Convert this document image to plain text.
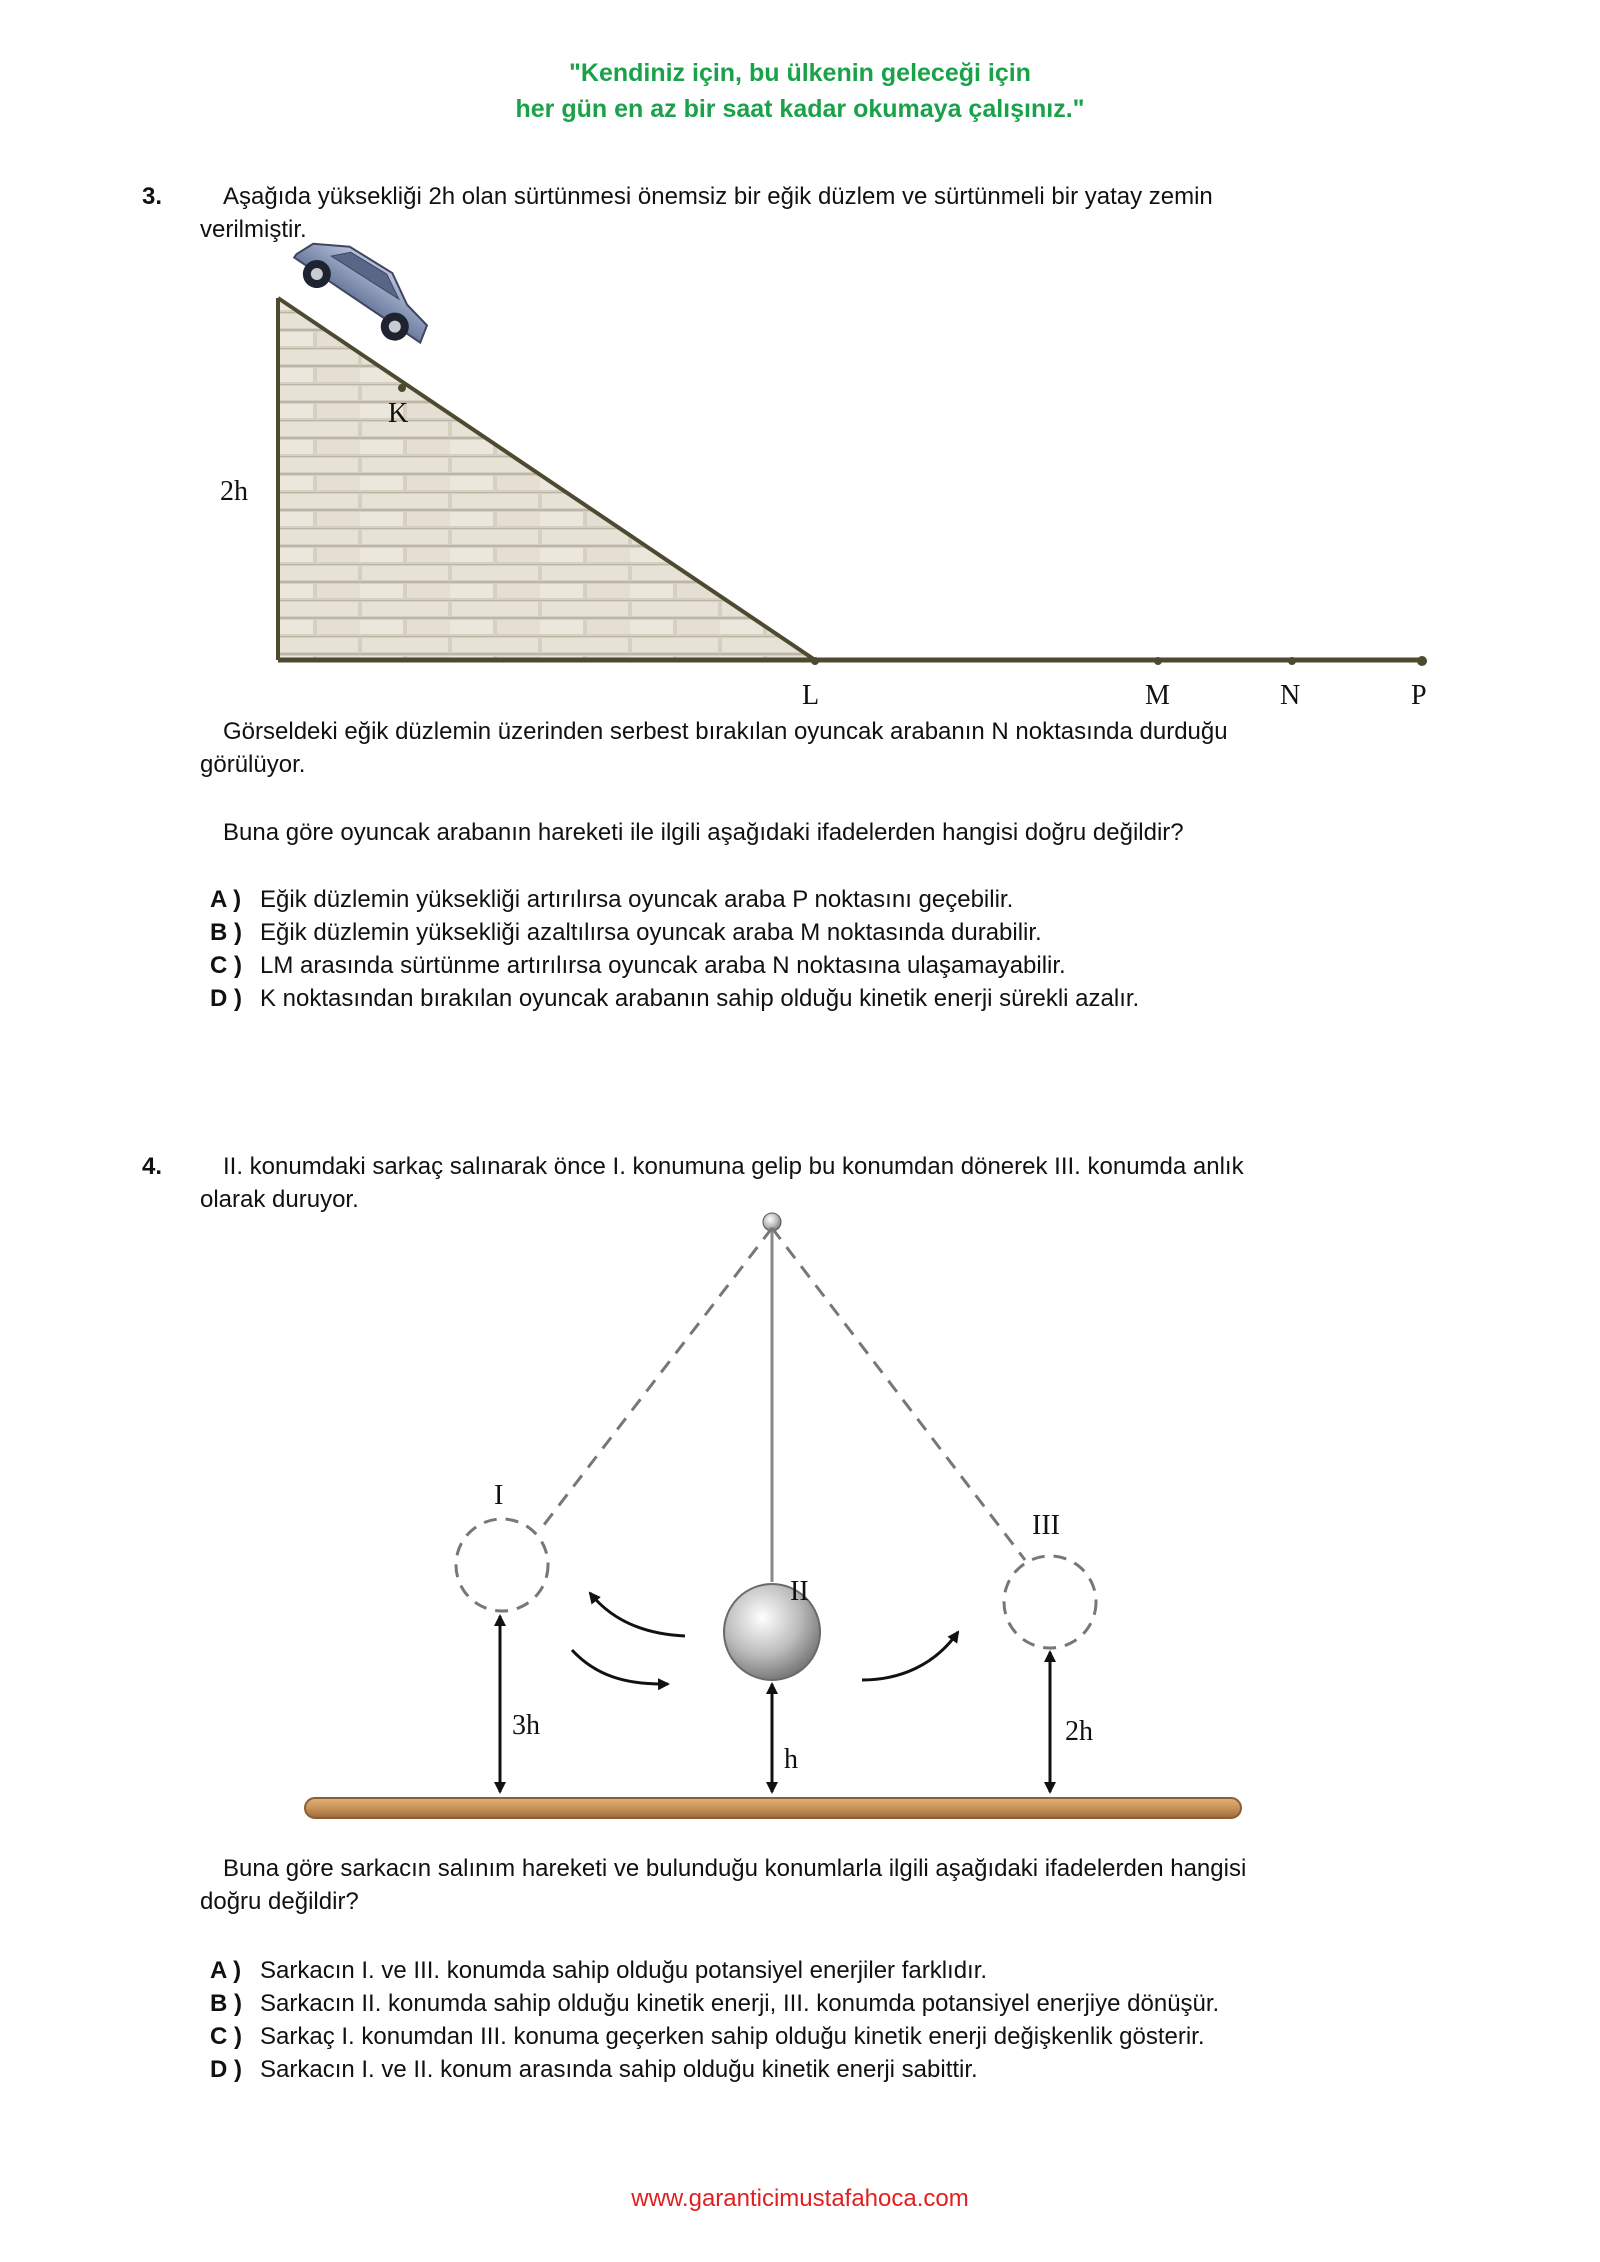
"Kendiniz için, bu ülkenin geleceği için
her gün en az bir saat kadar okumaya çalışınız."
3.	Aşağıda yüksekliği 2h olan sürtünmesi önemsiz bir eğik düzlem ve sürtünmeli bir yatay zemin
verilmiştir.
K
2h
L	M	N	P
Görseldeki eğik düzlemin üzerinden serbest bırakılan oyuncak arabanın N noktasında durduğu
görülüyor.
Buna göre oyuncak arabanın hareketi ile ilgili aşağıdaki ifadelerden hangisi doğru değildir?
A ) Eğik düzlemin yüksekliği artırılırsa oyuncak araba P noktasını geçebilir.
B ) Eğik düzlemin yüksekliği azaltılırsa oyuncak araba M noktasında durabilir.
C ) LM arasında sürtünme artırılırsa oyuncak araba N noktasına ulaşamayabilir.
D ) K noktasından bırakılan oyuncak arabanın sahip olduğu kinetik enerji sürekli azalır.
4.	II. konumdaki sarkaç salınarak önce I. konumuna gelip bu konumdan dönerek III. konumda anlık
olarak duruyor.
I
II
III
3h
h
2h
Buna göre sarkacın salınım hareketi ve bulunduğu konumlarla ilgili aşağıdaki ifadelerden hangisi
doğru değildir?
A ) Sarkacın I. ve III. konumda sahip olduğu potansiyel enerjiler farklıdır.
B ) Sarkacın II. konumda sahip olduğu kinetik enerji, III. konumda potansiyel enerjiye dönüşür.
C ) Sarkaç I. konumdan III. konuma geçerken sahip olduğu kinetik enerji değişkenlik gösterir.
D ) Sarkacın I. ve II. konum arasında sahip olduğu kinetik enerji sabittir.
www.garanticimustafahoca.com
